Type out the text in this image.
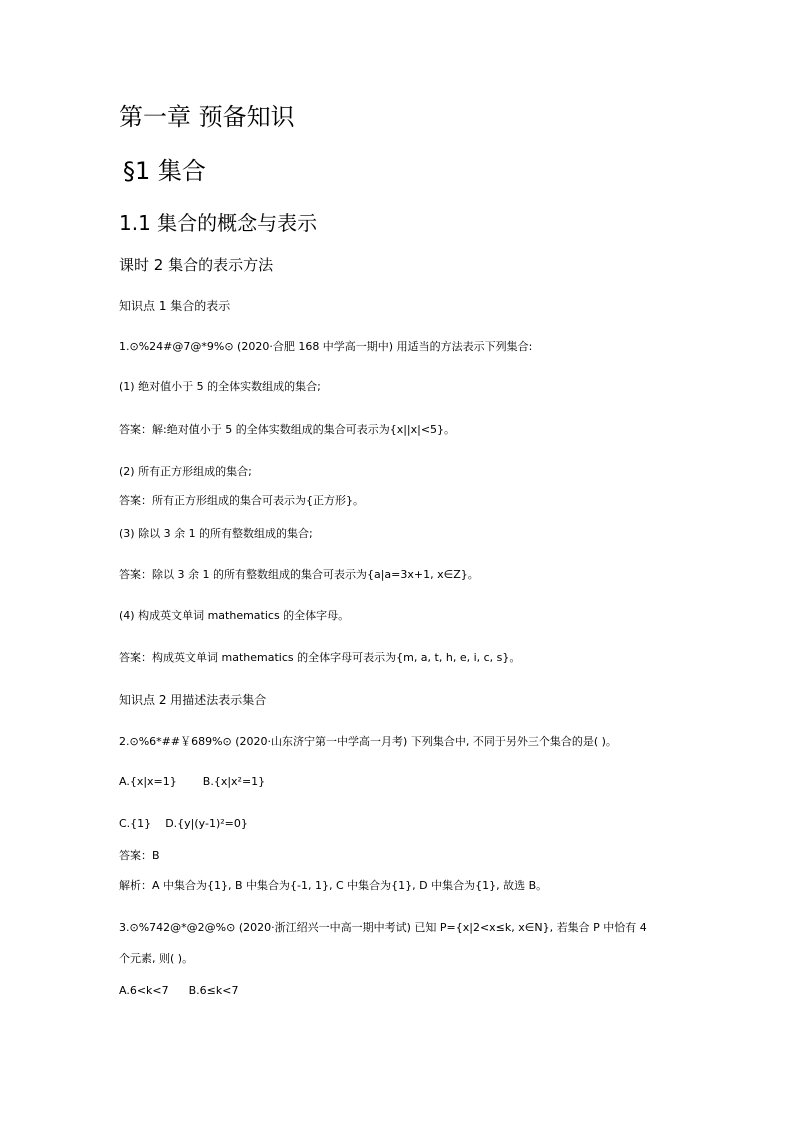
第一章 预备知识
§1 集合
1.1 集合的概念与表示
课时 2 集合的表示方法
知识点 1 集合的表示
1.⊙%24#@7@*9%⊙ (2020·合肥 168 中学高一期中) 用适当的方法表示下列集合:
(1) 绝对值小于 5 的全体实数组成的集合;
答案：解:绝对值小于 5 的全体实数组成的集合可表示为{x||x|<5}。
(2) 所有正方形组成的集合;
答案：所有正方形组成的集合可表示为{正方形}。
(3) 除以 3 余 1 的所有整数组成的集合;
答案：除以 3 余 1 的所有整数组成的集合可表示为{a|a=3x+1, x∈Z}。
(4) 构成英文单词 mathematics 的全体字母。
答案：构成英文单词 mathematics 的全体字母可表示为{m, a, t, h, e, i, c, s}。
知识点 2 用描述法表示集合
2.⊙%6*##￥689%⊙ (2020·山东济宁第一中学高一月考) 下列集合中, 不同于另外三个集合的是( )。
A.{x|x=1} B.{x|x²=1}
C.{1} D.{y|(y-1)²=0}
答案：B
解析：A 中集合为{1}, B 中集合为{-1, 1}, C 中集合为{1}, D 中集合为{1}, 故选 B。
3.⊙%742@*@2@%⊙ (2020·浙江绍兴一中高一期中考试) 已知 P={x|2<x≤k, x∈N}, 若集合 P 中恰有 4
个元素, 则( )。
A.6<k<7 B.6≤k<7
